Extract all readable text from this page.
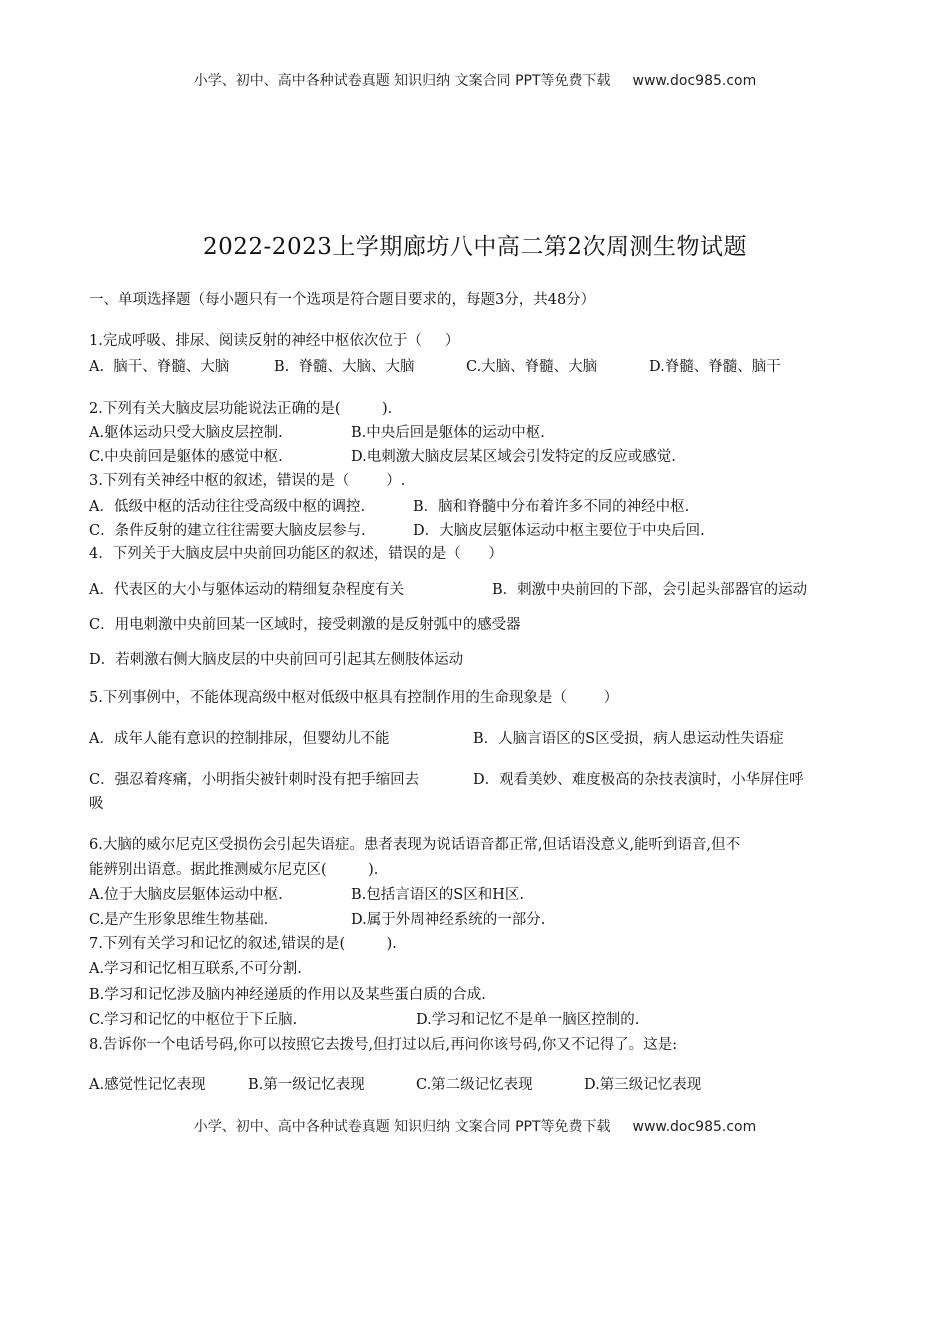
小学、初中、高中各种试卷真题 知识归纳 文案合同 PPT等免费下载 www.doc985.com
2022-2023上学期廊坊八中高二第2次周测生物试题
一、单项选择题（每小题只有一个选项是符合题目要求的，每题3分，共48分）
1.完成呼吸、排尿、阅读反射的神经中枢依次位于（     ）
A.  脑干、脊髓、大脑	B.  脊髓、大脑、大脑	C.大脑、脊髓、大脑	D.脊髓、脊髓、脑干
2.下列有关大脑皮层功能说法正确的是(         ).
A.躯体运动只受大脑皮层控制.	B.中央后回是躯体的运动中枢.
C.中央前回是躯体的感觉中枢.	D.电刺激大脑皮层某区域会引发特定的反应或感觉.
3.下列有关神经中枢的叙述，错误的是（        ）.
A．低级中枢的活动往往受高级中枢的调控.	B．脑和脊髓中分布着许多不同的神经中枢.
C．条件反射的建立往往需要大脑皮层参与.	D．大脑皮层躯体运动中枢主要位于中央后回.
4．下列关于大脑皮层中央前回功能区的叙述，错误的是（      ）
A．代表区的大小与躯体运动的精细复杂程度有关	B．刺激中央前回的下部，会引起头部器官的运动
C．用电刺激中央前回某一区域时，接受刺激的是反射弧中的感受器
D．若刺激右侧大脑皮层的中央前回可引起其左侧肢体运动
5.下列事例中，不能体现高级中枢对低级中枢具有控制作用的生命现象是（        ）
A．成年人能有意识的控制排尿，但婴幼儿不能	B．人脑言语区的S区受损，病人患运动性失语症
C．强忍着疼痛，小明指尖被针刺时没有把手缩回去	D．观看美妙、难度极高的杂技表演时，小华屏住呼
吸
6.大脑的威尔尼克区受损伤会引起失语症。患者表现为说话语音都正常,但话语没意义,能听到语音,但不
能辨别出语意。据此推测威尔尼克区(         ).
A.位于大脑皮层躯体运动中枢.	B.包括言语区的S区和H区.
C.是产生形象思维生物基础.	D.属于外周神经系统的一部分.
7.下列有关学习和记忆的叙述,错误的是(         ).
A.学习和记忆相互联系,不可分割.
B.学习和记忆涉及脑内神经递质的作用以及某些蛋白质的合成.
C.学习和记忆的中枢位于下丘脑.	D.学习和记忆不是单一脑区控制的.
8.告诉你一个电话号码,你可以按照它去拨号,但打过以后,再问你该号码,你又不记得了。这是:
A.感觉性记忆表现	B.第一级记忆表现	C.第二级记忆表现	D.第三级记忆表现
小学、初中、高中各种试卷真题 知识归纳 文案合同 PPT等免费下载 www.doc985.com
